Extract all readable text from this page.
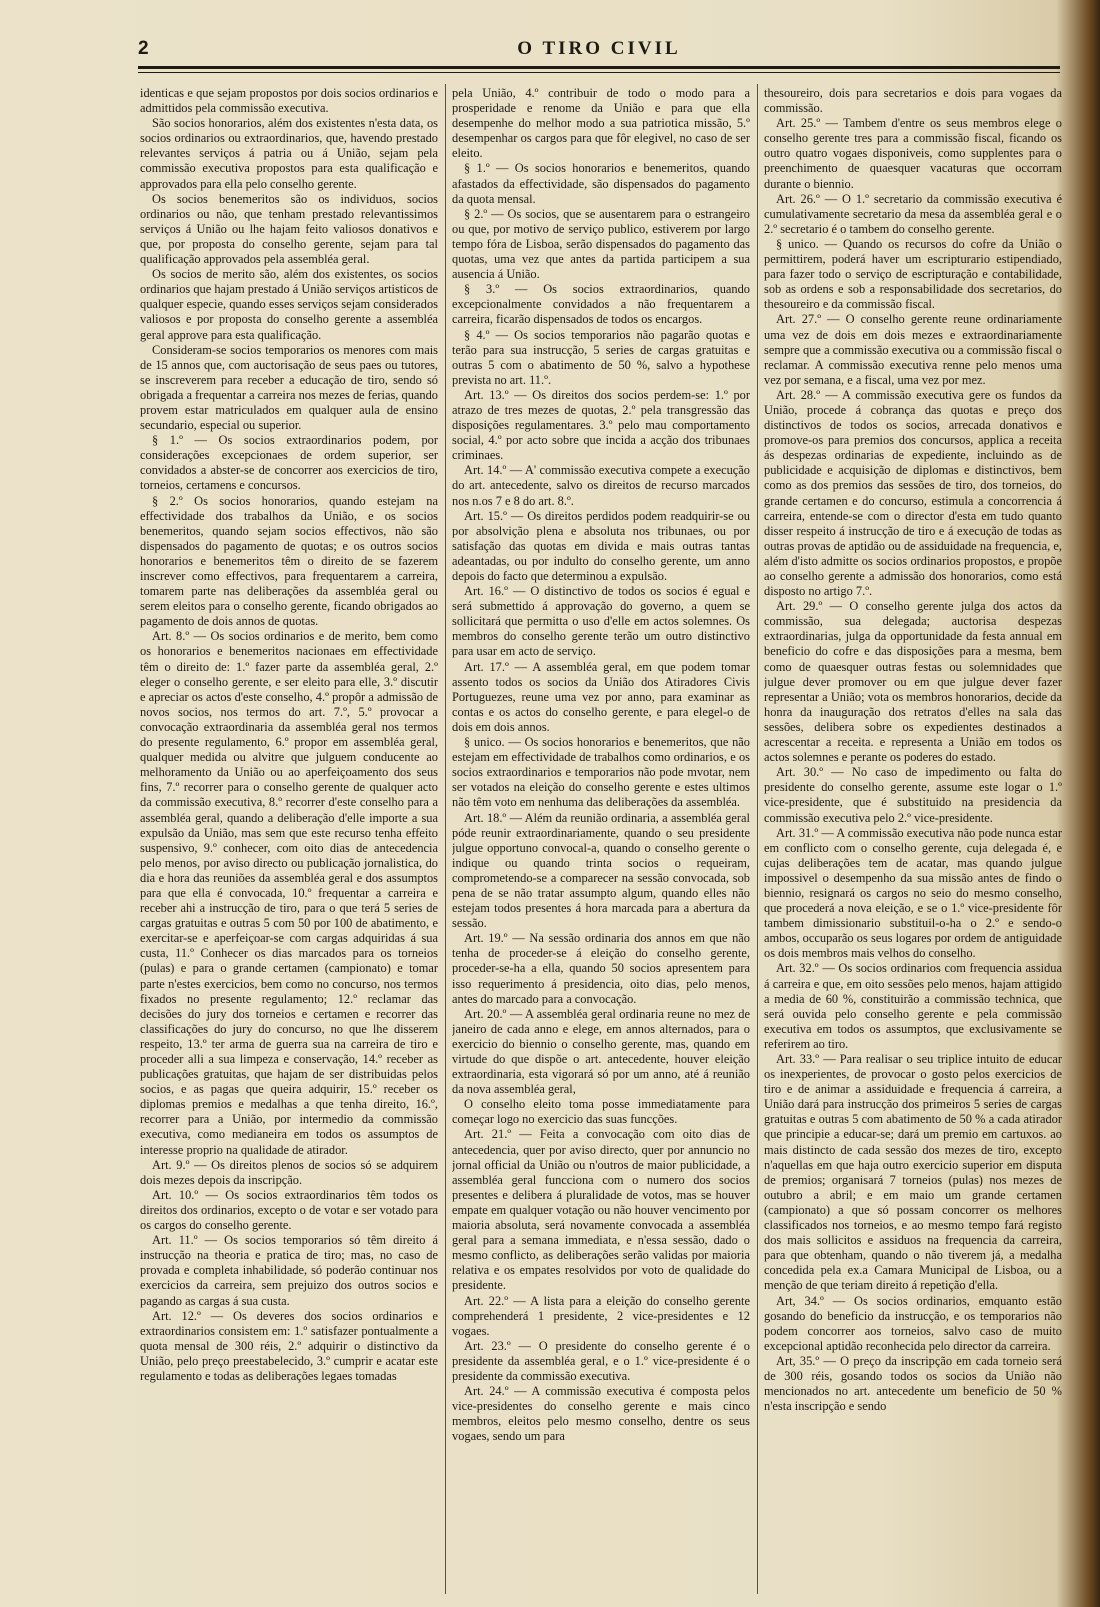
O TIRO CIVIL
2

identicas e que sejam propostos por dois socios ordinarios e admittidos pela commissão executiva.

São socios honorarios, além dos existentes n'esta data, os socios ordinarios ou extraordinarios, que, havendo prestado relevantes serviços á patria ou á União, sejam pela commissão executiva propostos para esta qualificação e approvados para ella pelo conselho gerente.

Os socios benemeritos são os individuos, socios ordinarios ou não, que tenham prestado relevantissimos serviços á União ou lhe hajam feito valiosos donativos e que, por proposta do conselho gerente, sejam para tal qualificação approvados pela assembléa geral.

Os socios de merito são, além dos existentes, os socios ordinarios que hajam prestado á União serviços artisticos de qualquer especie, quando esses serviços sejam considerados valiosos e por proposta do conselho gerente a assembléa geral approve para esta qualificação.

Consideram-se socios temporarios os menores com mais de 15 annos que, com auctorisação de seus paes ou tutores, se inscreverem para receber a educação de tiro, sendo só obrigada a frequentar a carreira nos mezes de ferias, quando provem estar matriculados em qualquer aula de ensino secundario, especial ou superior.

§ 1.º — Os socios extraordinarios podem, por considerações excepcionaes de ordem superior, ser convidados a abster-se de concorrer aos exercicios de tiro, torneios, certamens e concursos.

§ 2.º Os socios honorarios, quando estejam na effectividade dos trabalhos da União, e os socios benemeritos, quando sejam socios effectivos, não são dispensados do pagamento de quotas; e os outros socios honorarios e benemeritos têm o direito de se fazerem inscrever como effectivos, para frequentarem a carreira, tomarem parte nas deliberações da assembléa geral ou serem eleitos para o conselho gerente, ficando obrigados ao pagamento de dois annos de quotas.

Art. 8.º — Os socios ordinarios e de merito, bem como os honorarios e benemeritos nacionaes em effectividade têm o direito de: 1.º fazer parte da assembléa geral, 2.º eleger o conselho gerente, e ser eleito para elle, 3.º discutir e apreciar os actos d'este conselho, 4.º propôr a admissão de novos socios, nos termos do art. 7.º, 5.º provocar a convocação extraordinaria da assembléa geral nos termos do presente regulamento, 6.º propor em assembléa geral, qualquer medida ou alvitre que julguem conducente ao melhoramento da União ou ao aperfeiçoamento dos seus fins, 7.º recorrer para o conselho gerente de qualquer acto da commissão executiva, 8.º recorrer d'este conselho para a assembléa geral, quando a deliberação d'elle importe a sua expulsão da União, mas sem que este recurso tenha effeito suspensivo, 9.º conhecer, com oito dias de antecedencia pelo menos, por aviso directo ou publicação jornalistica, do dia e hora das reuniões da assembléa geral e dos assumptos para que ella é convocada, 10.º frequentar a carreira e receber ahi a instrucção de tiro, para o que terá 5 series de cargas gratuitas e outras 5 com 50 por 100 de abatimento, e exercitar-se e aperfeiçoar-se com cargas adquiridas á sua custa, 11.º Conhecer os dias marcados para os torneios (pulas) e para o grande certamen (campionato) e tomar parte n'estes exercicios, bem como no concurso, nos termos fixados no presente regulamento; 12.º reclamar das decisões do jury dos torneios e certamen e recorrer das classificações do jury do concurso, no que lhe disserem respeito, 13.º ter arma de guerra sua na carreira de tiro e proceder alli a sua limpeza e conservação, 14.º receber as publicações gratuitas, que hajam de ser distribuidas pelos socios, e as pagas que queira adquirir, 15.º receber os diplomas premios e medalhas a que tenha direito, 16.º, recorrer para a União, por intermedio da commissão executiva, como medianeira em todos os assumptos de interesse proprio na qualidade de atirador.

Art. 9.º — Os direitos plenos de socios só se adquirem dois mezes depois da inscripção.

Art. 10.º — Os socios extraordinarios têm todos os direitos dos ordinarios, excepto o de votar e ser votado para os cargos do conselho gerente.

Art. 11.º — Os socios temporarios só têm direito á instrucção na theoria e pratica de tiro; mas, no caso de provada e completa inhabilidade, só poderão continuar nos exercicios da carreira, sem prejuizo dos outros socios e pagando as cargas á sua custa.

Art. 12.º — Os deveres dos socios ordinarios e extraordinarios consistem em: 1.º satisfazer pontualmente a quota mensal de 300 réis, 2.º adquirir o distinctivo da União, pelo preço preestabelecido, 3.º cumprir e acatar este regulamento e todas as deliberações legaes tomadas

pela União, 4.º contribuir de todo o modo para a prosperidade e renome da União e para que ella desempenhe do melhor modo a sua patriotica missão, 5.º desempenhar os cargos para que fôr elegivel, no caso de ser eleito.

§ 1.º — Os socios honorarios e benemeritos, quando afastados da effectividade, são dispensados do pagamento da quota mensal.

§ 2.º — Os socios, que se ausentarem para o estrangeiro ou que, por motivo de serviço publico, estiverem por largo tempo fóra de Lisboa, serão dispensados do pagamento das quotas, uma vez que antes da partida participem a sua ausencia á União.

§ 3.º — Os socios extraordinarios, quando excepcionalmente convidados a não frequentarem a carreira, ficarão dispensados de todos os encargos.

§ 4.º — Os socios temporarios não pagarão quotas e terão para sua instrucção, 5 series de cargas gratuitas e outras 5 com o abatimento de 50 %, salvo a hypothese prevista no art. 11.º.

Art. 13.º — Os direitos dos socios perdem-se: 1.º por atrazo de tres mezes de quotas, 2.º pela transgressão das disposições regulamentares. 3.º pelo mau comportamento social, 4.º por acto sobre que incida a acção dos tribunaes criminaes.

Art. 14.º — A' commissão executiva compete a execução do art. antecedente, salvo os direitos de recurso marcados nos n.os 7 e 8 do art. 8.º.

Art. 15.º — Os direitos perdidos podem readquirir-se ou por absolvição plena e absoluta nos tribunaes, ou por satisfação das quotas em divida e mais outras tantas adeantadas, ou por indulto do conselho gerente, um anno depois do facto que determinou a expulsão.

Art. 16.º — O distinctivo de todos os socios é egual e será submettido á approvação do governo, a quem se sollicitará que permitta o uso d'elle em actos solemnes. Os membros do conselho gerente terão um outro distinctivo para usar em acto de serviço.

Art. 17.º — A assembléa geral, em que podem tomar assento todos os socios da União dos Atiradores Civis Portuguezes, reune uma vez por anno, para examinar as contas e os actos do conselho gerente, e para elegel-o de dois em dois annos.

§ unico. — Os socios honorarios e benemeritos, que não estejam em effectividade de trabalhos como ordinarios, e os socios extraordinarios e temporarios não pode mvotar, nem ser votados na eleição do conselho gerente e estes ultimos não têm voto em nenhuma das deliberações da assembléa.

Art. 18.º — Além da reunião ordinaria, a assembléa geral póde reunir extraordinariamente, quando o seu presidente julgue opportuno convocal-a, quando o conselho gerente o indique ou quando trinta socios o requeiram, comprometendo-se a comparecer na sessão convocada, sob pena de se não tratar assumpto algum, quando elles não estejam todos presentes á hora marcada para a abertura da sessão.

Art. 19.º — Na sessão ordinaria dos annos em que não tenha de proceder-se á eleição do conselho gerente, proceder-se-ha a ella, quando 50 socios apresentem para isso requerimento á presidencia, oito dias, pelo menos, antes do marcado para a convocação.

Art. 20.º — A assembléa geral ordinaria reune no mez de janeiro de cada anno e elege, em annos alternados, para o exercicio do biennio o conselho gerente, mas, quando em virtude do que dispõe o art. antecedente, houver eleição extraordinaria, esta vigorará só por um anno, até á reunião da nova assembléa geral,

O conselho eleito toma posse immediatamente para começar logo no exercicio das suas funcções.

Art. 21.º — Feita a convocação com oito dias de antecedencia, quer por aviso directo, quer por annuncio no jornal official da União ou n'outros de maior publicidade, a assembléa geral funcciona com o numero dos socios presentes e delibera á pluralidade de votos, mas se houver empate em qualquer votação ou não houver vencimento por maioria absoluta, será novamente convocada a assembléa geral para a semana immediata, e n'essa sessão, dado o mesmo conflicto, as deliberações serão validas por maioria relativa e os empates resolvidos por voto de qualidade do presidente.

Art. 22.º — A lista para a eleição do conselho gerente comprehenderá 1 presidente, 2 vice-presidentes e 12 vogaes.

Art. 23.º — O presidente do conselho gerente é o presidente da assembléa geral, e o 1.º vice-presidente é o presidente da commissão executiva.

Art. 24.º — A commissão executiva é composta pelos vice-presidentes do conselho gerente e mais cinco membros, eleitos pelo mesmo conselho, dentre os seus vogaes, sendo um para

thesoureiro, dois para secretarios e dois para vogaes da commissão.

Art. 25.º — Tambem d'entre os seus membros elege o conselho gerente tres para a commissão fiscal, ficando os outro quatro vogaes disponiveis, como supplentes para o preenchimento de quaesquer vacaturas que occorram durante o biennio.

Art. 26.º — O 1.º secretario da commissão executiva é cumulativamente secretario da mesa da assembléa geral e o 2.º secretario é o tambem do conselho gerente.

§ unico. — Quando os recursos do cofre da União o permittirem, poderá haver um escripturario estipendiado, para fazer todo o serviço de escripturação e contabilidade, sob as ordens e sob a responsabilidade dos secretarios, do thesoureiro e da commissão fiscal.

Art. 27.º — O conselho gerente reune ordinariamente uma vez de dois em dois mezes e extraordinariamente sempre que a commissão executiva ou a commissão fiscal o reclamar. A commissão executiva renne pelo menos uma vez por semana, e a fiscal, uma vez por mez.

Art. 28.º — A commissão executiva gere os fundos da União, procede á cobrança das quotas e preço dos distinctivos de todos os socios, arrecada donativos e promove-os para premios dos concursos, applica a receita ás despezas ordinarias de expediente, incluindo as de publicidade e acquisição de diplomas e distinctivos, bem como as dos premios das sessões de tiro, dos torneios, do grande certamen e do concurso, estimula a concorrencia á carreira, entende-se com o director d'esta em tudo quanto disser respeito á instrucção de tiro e á execução de todas as outras provas de aptidão ou de assiduidade na frequencia, e, além d'isto admitte os socios ordinarios propostos, e propõe ao conselho gerente a admissão dos honorarios, como está disposto no artigo 7.º.

Art. 29.º — O conselho gerente julga dos actos da commissão, sua delegada; auctorisa despezas extraordinarias, julga da opportunidade da festa annual em beneficio do cofre e das disposições para a mesma, bem como de quaesquer outras festas ou solemnidades que julgue dever promover ou em que julgue dever fazer representar a União; vota os membros honorarios, decide da honra da inauguração dos retratos d'elles na sala das sessões, delibera sobre os expedientes destinados a acrescentar a receita. e representa a União em todos os actos solemnes e perante os poderes do estado.

Art. 30.º — No caso de impedimento ou falta do presidente do conselho gerente, assume este logar o 1.º vice-presidente, que é substituido na presidencia da commissão executiva pelo 2.º vice-presidente.

Art. 31.º — A commissão executiva não pode nunca estar em conflicto com o conselho gerente, cuja delegada é, e cujas deliberações tem de acatar, mas quando julgue impossivel o desempenho da sua missão antes de findo o biennio, resignará os cargos no seio do mesmo conselho, que procederá a nova eleição, e se o 1.º vice-presidente fôr tambem dimissionario substituil-o-ha o 2.º e sendo-o ambos, occuparão os seus logares por ordem de antiguidade os dois membros mais velhos do conselho.

Art. 32.º — Os socios ordinarios com frequencia assidua á carreira e que, em oito sessões pelo menos, hajam attigido a media de 60 %, constituirão a commissão technica, que será ouvida pelo conselho gerente e pela commissão executiva em todos os assumptos, que exclusivamente se referirem ao tiro.

Art. 33.º — Para realisar o seu triplice intuito de educar os inexperientes, de provocar o gosto pelos exercicios de tiro e de animar a assiduidade e frequencia á carreira, a União dará para instrucção dos primeiros 5 series de cargas gratuitas e outras 5 com abatimento de 50 % a cada atirador que principie a educar-se; dará um premio em cartuxos. ao mais distincto de cada sessão dos mezes de tiro, excepto n'aquellas em que haja outro exercicio superior em disputa de premios; organisará 7 torneios (pulas) nos mezes de outubro a abril; e em maio um grande certamen (campionato) a que só possam concorrer os melhores classificados nos torneios, e ao mesmo tempo fará registo dos mais sollicitos e assiduos na frequencia da carreira, para que obtenham, quando o não tiverem já, a medalha concedida pela ex.a Camara Municipal de Lisboa, ou a menção de que teriam direito á repetição d'ella.

Art, 34.º — Os socios ordinarios, emquanto estão gosando do beneficio da instrucção, e os temporarios não podem concorrer aos torneios, salvo caso de muito excepcional aptidão reconhecida pelo director da carreira.

Art, 35.º — O preço da inscripção em cada torneio será de 300 réis, gosando todos os socios da União não mencionados no art. antecedente um beneficio de 50 % n'esta inscripção e sendo
